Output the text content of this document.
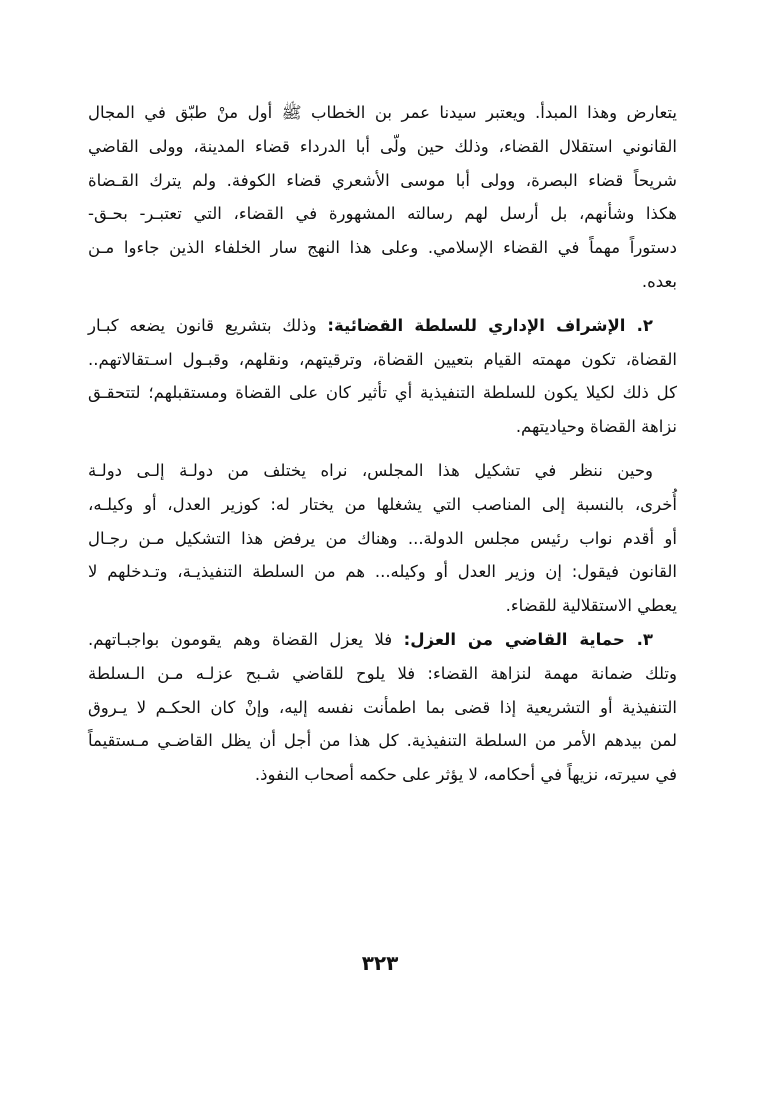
يتعارض وهذا المبدأ. ويعتبر سيدنا عمر بن الخطاب ﷺ أول منْ طبّق في المجال
القانوني استقلال القضاء، وذلك حين ولّى أبا الدرداء قضاء المدينة، وولى القاضي
شريحاً قضاء البصرة، وولى أبا موسى الأشعري قضاء الكوفة. ولم يترك القـضاة
هكذا وشأنهم، بل أرسل لهم رسالته المشهورة في القضاء، التي تعتبـر- بحـق-
دستوراً مهماً في القضاء الإسلامي. وعلى هذا النهج سار الخلفاء الذين جاءوا مـن
بعده.
٢. الإشراف الإداري للسلطة القضائية: وذلك بتشريع قانون يضعه كبـار
القضاة، تكون مهمته القيام بتعيين القضاة، وترقيتهم، ونقلهم، وقبـول اسـتقالاتهم..
كل ذلك لكيلا يكون للسلطة التنفيذية أي تأثير كان على القضاة ومستقبلهم؛ لتتحقـق
نزاهة القضاة وحياديتهم.
وحين ننظر في تشكيل هذا المجلس، نراه يختلف من دولـة إلـى دولـة
أُخرى، بالنسبة إلى المناصب التي يشغلها من يختار له: كوزير العدل، أو وكيلـه،
أو أقدم نواب رئيس مجلس الدولة... وهناك من يرفض هذا التشكيل مـن رجـال
القانون فيقول: إن وزير العدل أو وكيله... هم من السلطة التنفيذيـة، وتـدخلهم لا
يعطي الاستقلالية للقضاء.
٣. حماية القاضي من العزل: فلا يعزل القضاة وهم يقومون بواجبـاتهم.
وتلك ضمانة مهمة لنزاهة القضاء: فلا يلوح للقاضي شـبح عزلـه مـن الـسلطة
التنفيذية أو التشريعية إذا قضى بما اطمأنت نفسه إليه، وإنْ كان الحكـم لا يـروق
لمن بيدهم الأمر من السلطة التنفيذية. كل هذا من أجل أن يظل القاضـي مـستقيماً
في سيرته، نزيهاً في أحكامه، لا يؤثر على حكمه أصحاب النفوذ.
٣٢٣
